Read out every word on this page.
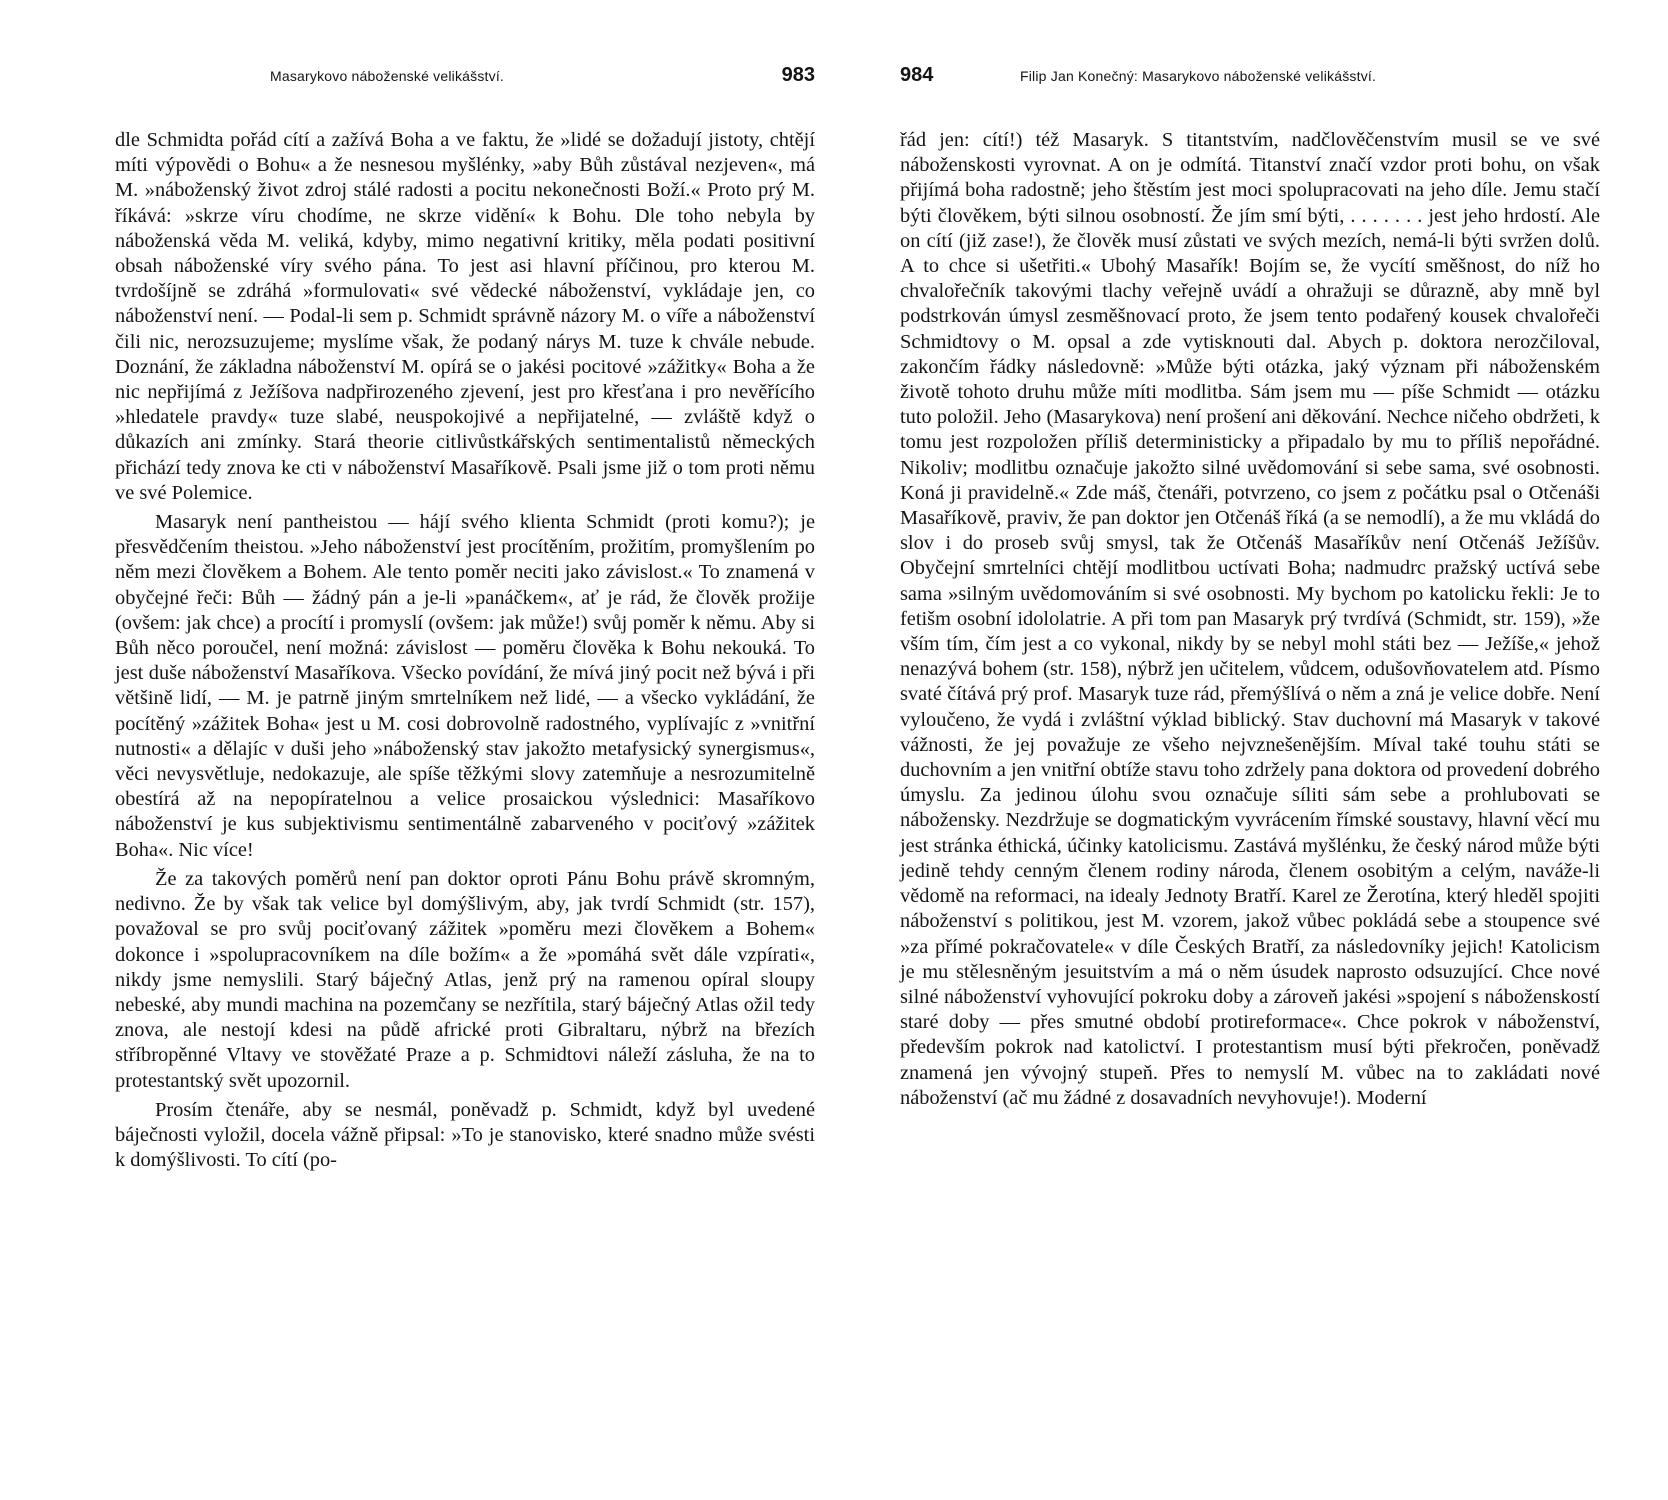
Masarykovo náboženské velikášství.	983

dle Schmidta pořád cítí a zažívá Boha a ve faktu, že »lidé se dožadují jistoty, chtějí míti výpovědi o Bohu« a že nesnesou myšlénky, »aby Bůh zůstával nezjeven«, má M. »náboženský život zdroj stálé radosti a pocitu nekonečnosti Boží.« Proto prý M. říkává: »skrze víru chodíme, ne skrze vidění« k Bohu. Dle toho nebyla by náboženská věda M. veliká, kdyby, mimo negativní kritiky, měla podati positivní obsah náboženské víry svého pána. To jest asi hlavní příčinou, pro kterou M. tvrdošíjně se zdráhá »formulovati« své vědecké náboženství, vykládaje jen, co náboženství není. — Podal-li sem p. Schmidt správně názory M. o víře a náboženství čili nic, nerozsuzujeme; myslíme však, že podaný nárys M. tuze k chvále nebude. Doznání, že základna náboženství M. opírá se o jakési pocitové »zážitky« Boha a že nic nepřijímá z Ježíšova nadpřirozeného zjevení, jest pro křesťana i pro nevěřícího »hledatele pravdy« tuze slabé, neuspokojivé a nepřijatelné, — zvláště když o důkazích ani zmínky. Stará theorie citlivůstkářských sentimentalistů německých přichází tedy znova ke cti v náboženství Masaříkově. Psali jsme již o tom proti němu ve své Polemice.

Masaryk není pantheistou — hájí svého klienta Schmidt (proti komu?); je přesvědčením theistou. »Jeho náboženství jest procítěním, prožitím, promyšlením po něm mezi člověkem a Bohem. Ale tento poměr neciti jako závislost.« To znamená v obyčejné řeči: Bůh — žádný pán a je-li »panáčkem«, ať je rád, že člověk prožije (ovšem: jak chce) a procítí i promyslí (ovšem: jak může!) svůj poměr k němu. Aby si Bůh něco poroučel, není možná: závislost — poměru člověka k Bohu nekouká. To jest duše náboženství Masaříkova. Všecko povídání, že mívá jiný pocit než bývá i při většině lidí, — M. je patrně jiným smrtelníkem než lidé, — a všecko vykládání, že pocítěný »zážitek Boha« jest u M. cosi dobrovolně radostného, vyplívajíc z »vnitřní nutnosti« a dělajíc v duši jeho »náboženský stav jakožto metafysický synergismus«, věci nevysvětluje, nedokazuje, ale spíše těžkými slovy zatemňuje a nesrozumitelně obestírá až na nepopíratelnou a velice prosaickou výslednici: Masaříkovo náboženství je kus subjektivismu sentimentálně zabarveného v pociťový »zážitek Boha«. Nic více!

Že za takových poměrů není pan doktor oproti Pánu Bohu právě skromným, nedivno. Že by však tak velice byl domýšlivým, aby, jak tvrdí Schmidt (str. 157), považoval se pro svůj pociťovaný zážitek »poměru mezi člověkem a Bohem« dokonce i »spolupracovníkem na díle božím« a že »pomáhá svět dále vzpírati«, nikdy jsme nemyslili. Starý báječný Atlas, jenž prý na ramenou opíral sloupy nebeské, aby mundi machina na pozemčany se nezřítila, starý báječný Atlas ožil tedy znova, ale nestojí kdesi na půdě africké proti Gibraltaru, nýbrž na březích stříbropěnné Vltavy ve stověžaté Praze a p. Schmidtovi náleží zásluha, že na to protestantský svět upozornil.

Prosím čtenáře, aby se nesmál, poněvadž p. Schmidt, když byl uvedené báječnosti vyložil, docela vážně připsal: »To je stanovisko, které snadno může svésti k domýšlivosti. To cítí (po-

984	Filip Jan Konečný: Masarykovo náboženské velikášství.

řád jen: cítí!) též Masaryk. S titantstvím, nadčlověčenstvím musil se ve své náboženskosti vyrovnat. A on je odmítá. Titanství značí vzdor proti bohu, on však přijímá boha radostně; jeho štěstím jest moci spolupracovati na jeho díle. Jemu stačí býti člověkem, býti silnou osobností. Že jím smí býti, . . . . . . . jest jeho hrdostí. Ale on cítí (již zase!), že člověk musí zůstati ve svých mezích, nemá-li býti svržen dolů. A to chce si ušetřiti.« Ubohý Masařík! Bojím se, že vycítí směšnost, do níž ho chvalořečník takovými tlachy veřejně uvádí a ohražuji se důrazně, aby mně byl podstrkován úmysl zesměšnovací proto, že jsem tento podařený kousek chvalořeči Schmidtovy o M. opsal a zde vytisknouti dal. Abych p. doktora nerozčiloval, zakončím řádky následovně: »Může býti otázka, jaký význam při náboženském životě tohoto druhu může míti modlitba. Sám jsem mu — píše Schmidt — otázku tuto položil. Jeho (Masarykova) není prošení ani děkování. Nechce ničeho obdržeti, k tomu jest rozpoložen příliš deterministicky a připadalo by mu to příliš nepořádné. Nikoliv; modlitbu označuje jakožto silné uvědomování si sebe sama, své osobnosti. Koná ji pravidelně.« Zde máš, čtenáři, potvrzeno, co jsem z počátku psal o Otčenáši Masaříkově, praviv, že pan doktor jen Otčenáš říká (a se nemodlí), a že mu vkládá do slov i do proseb svůj smysl, tak že Otčenáš Masaříkův není Otčenáš Ježíšův. Obyčejní smrtelníci chtějí modlitbou uctívati Boha; nadmudrc pražský uctívá sebe sama »silným uvědomováním si své osobnosti. My bychom po katolicku řekli: Je to fetišm osobní idololatrie. A při tom pan Masaryk prý tvrdívá (Schmidt, str. 159), »že vším tím, čím jest a co vykonal, nikdy by se nebyl mohl státi bez — Ježíše,« jehož nenazývá bohem (str. 158), nýbrž jen učitelem, vůdcem, odušovňovatelem atd. Písmo svaté čítává prý prof. Masaryk tuze rád, přemýšlívá o něm a zná je velice dobře. Není vyloučeno, že vydá i zvláštní výklad biblický. Stav duchovní má Masaryk v takové vážnosti, že jej považuje ze všeho nejvznešenějším. Míval také touhu státi se duchovním a jen vnitřní obtíže stavu toho zdržely pana doktora od provedení dobrého úmyslu. Za jedinou úlohu svou označuje síliti sám sebe a prohlubovati se nábožensky. Nezdržuje se dogmatickým vyvrácením římské soustavy, hlavní věcí mu jest stránka éthická, účinky katolicismu. Zastává myšlénku, že český národ může býti jedině tehdy cenným členem rodiny národa, členem osobitým a celým, naváže-li vědomě na reformaci, na idealy Jednoty Bratří. Karel ze Žerotína, který hleděl spojiti náboženství s politikou, jest M. vzorem, jakož vůbec pokládá sebe a stoupence své »za přímé pokračovatele« v díle Českých Bratří, za následovníky jejich! Katolicism je mu stělesněným jesuitstvím a má o něm úsudek naprosto odsuzující. Chce nové silné náboženství vyhovující pokroku doby a zároveň jakési »spojení s náboženskostí staré doby — přes smutné období protireformace«. Chce pokrok v náboženství, především pokrok nad katolictví. I protestantism musí býti překročen, poněvadž znamená jen vývojný stupeň. Přes to nemyslí M. vůbec na to zakládati nové náboženství (ač mu žádné z dosavadních nevyhovuje!). Moderní
